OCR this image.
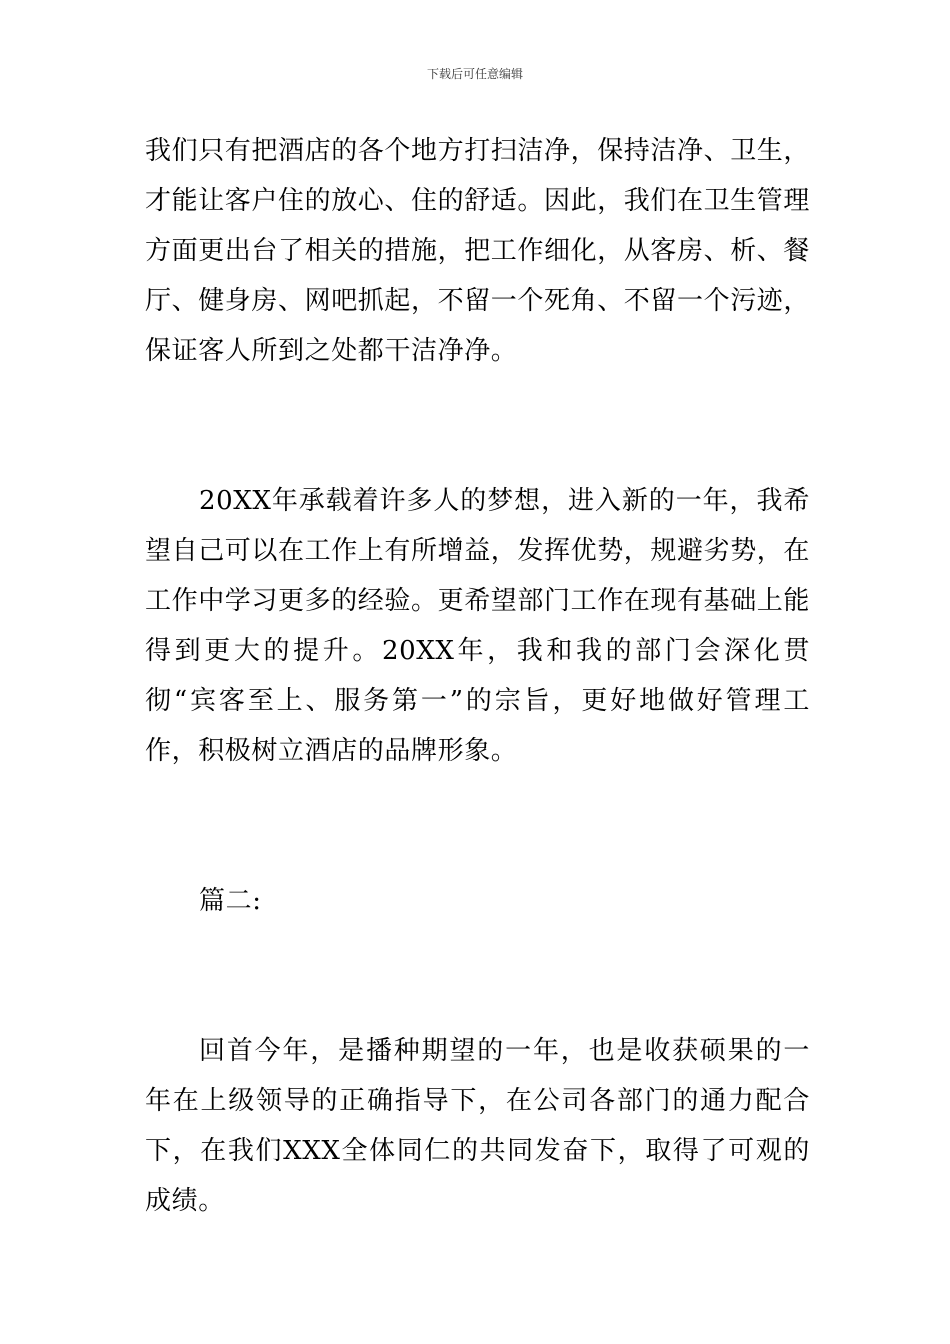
下载后可任意编辑

我们只有把酒店的各个地方打扫洁净，保持洁净、卫生，才能让客户住的放心、住的舒适。因此，我们在卫生管理方面更出台了相关的措施，把工作细化，从客房、析、餐厅、健身房、网吧抓起，不留一个死角、不留一个污迹，保证客人所到之处都干洁净净。

20XX年承载着许多人的梦想，进入新的一年，我希望自己可以在工作上有所增益，发挥优势，规避劣势，在工作中学习更多的经验。更希望部门工作在现有基础上能得到更大的提升。20XX年，我和我的部门会深化贯彻“宾客至上、服务第一”的宗旨，更好地做好管理工作，积极树立酒店的品牌形象。

篇二:

回首今年，是播种期望的一年，也是收获硕果的一年在上级领导的正确指导下，在公司各部门的通力配合下，在我们XXX全体同仁的共同发奋下，取得了可观的成绩。
